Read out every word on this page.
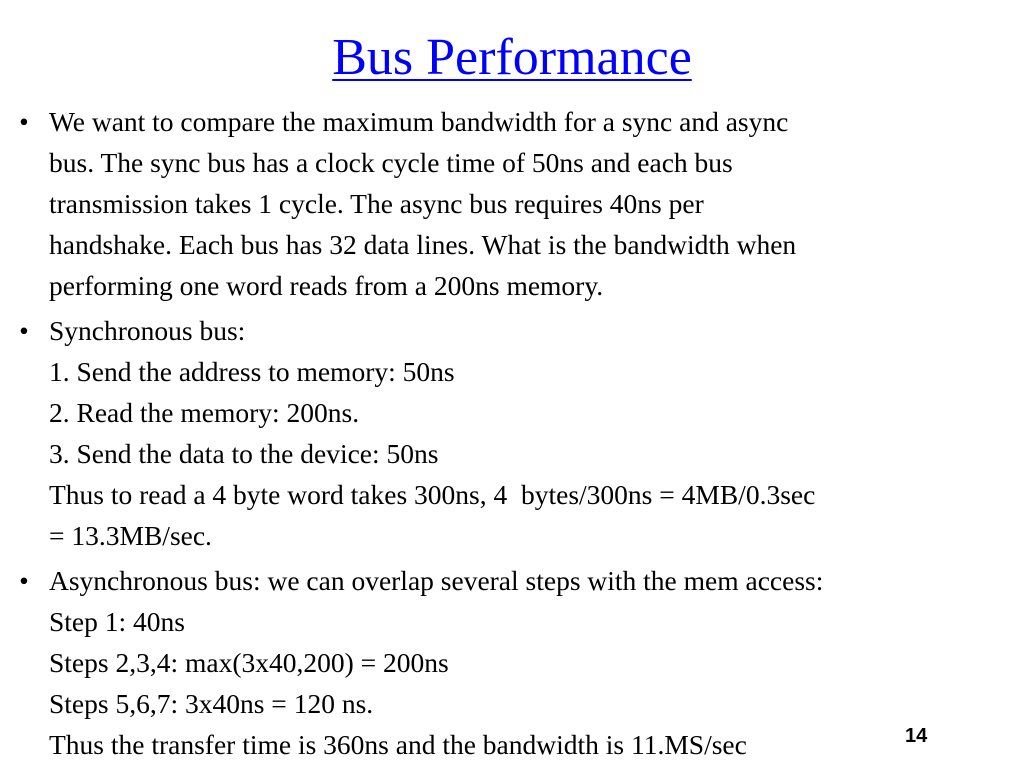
Bus Performance
• We want to compare the maximum bandwidth for a sync and async
bus. The sync bus has a clock cycle time of 50ns and each bus
transmission takes 1 cycle. The async bus requires 40ns per
handshake. Each bus has 32 data lines. What is the bandwidth when
performing one word reads from a 200ns memory.
• Synchronous bus:
1. Send the address to memory: 50ns
2. Read the memory: 200ns.
3. Send the data to the device: 50ns
Thus to read a 4 byte word takes 300ns, 4  bytes/300ns = 4MB/0.3sec
= 13.3MB/sec.
• Asynchronous bus: we can overlap several steps with the mem access:
Step 1: 40ns
Steps 2,3,4: max(3x40,200) = 200ns
Steps 5,6,7: 3x40ns = 120 ns.
Thus the transfer time is 360ns and the bandwidth is 11.MS/sec	14
